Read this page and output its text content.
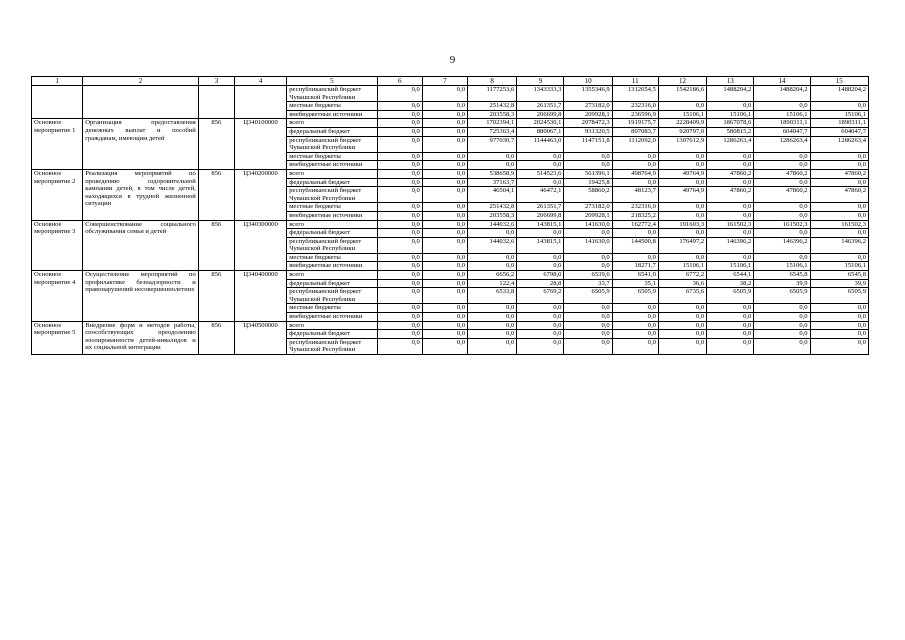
9
1	2	3	4	5	6	7	8	9	10	11	12	13	14	15
				республиканский бюджет Чувашской Республики	0,0	0,0	1177253,6	1343333,3	1355346,9	1312654,5	1542186,6	1488204,2	1488204,2	1488204,2
				местные бюджеты	0,0	0,0	251432,8	261351,7	273182,0	232316,0	0,0	0,0	0,0	0,0
				внебюджетные источники	0,0	0,0	203558,3	206699,8	209928,1	236596,9	15106,1	15106,1	15106,1	15106,1
Основное мероприятие 1	Организация предоставления денежных выплат и пособий гражданам, имеющим детей	856	Ц340100000	всего	0,0	0,0	1702394,1	2024530,1	2078472,3	1919175,7	2228409,9	1867078,6	1890311,1	1890311,1
				федеральный бюджет	0,0	0,0	725363,4	880067,1	931320,5	807083,7	920797,0	580815,2	604047,7	604047,7
				республиканский бюджет Чувашской Республики	0,0	0,0	977030,7	1144463,0	1147151,8	1112092,0	1307612,9	1286263,4	1286263,4	1286263,4
				местные бюджеты	0,0	0,0	0,0	0,0	0,0	0,0	0,0	0,0	0,0	0,0
				внебюджетные источники	0,0	0,0	0,0	0,0	0,0	0,0	0,0	0,0	0,0	0,0
Основное мероприятие 2	Реализация мероприятий по проведению оздоровительной кампании детей, в том числе детей, находящихся в трудной жизненной ситуации	856	Ц340200000	всего	0,0	0,0	538658,9	514523,6	561396,1	498764,9	49764,9	47860,2	47860,2	47860,2
				федеральный бюджет	0,0	0,0	37163,7	0,0	19425,8	0,0	0,0	0,0	0,0	0,0
				республиканский бюджет Чувашской Республики	0,0	0,0	46504,1	46472,1	58860,2	48123,7	49764,9	47860,2	47860,2	47860,2
				местные бюджеты	0,0	0,0	251432,8	261351,7	273182,0	232316,0	0,0	0,0	0,0	0,0
				внебюджетные источники	0,0	0,0	203558,3	206699,8	209928,1	218325,2	0,0	0,0	0,0	0,0
Основное мероприятие 3	Совершенствование социального обслуживания семьи и детей	856	Ц340300000	всего	0,0	0,0	144032,6	143815,1	141630,0	162772,4	191603,3	161502,3	161502,3	161502,3
				федеральный бюджет	0,0	0,0	0,0	0,0	0,0	0,0	0,0	0,0	0,0	0,0
				республиканский бюджет Чувашской Республики	0,0	0,0	144032,6	143815,1	141630,0	144500,8	176497,2	146396,2	146396,2	146396,2
				местные бюджеты	0,0	0,0	0,0	0,0	0,0	0,0	0,0	0,0	0,0	0,0
				внебюджетные источники	0,0	0,0	0,0	0,0	0,0	18271,7	15106,1	15106,1	15106,1	15106,1
Основное мероприятие 4	Осуществление мероприятий по профилактике безнадзорности и правонарушений несовершеннолетних	856	Ц340400000	всего	0,0	0,0	6656,2	6798,0	6539,6	6541,0	6772,2	6544,1	6545,8	6545,8
				федеральный бюджет	0,0	0,0	122,4	28,8	33,7	35,1	36,6	38,2	39,9	39,9
				республиканский бюджет Чувашской Республики	0,0	0,0	6533,8	6769,2	6505,9	6505,9	6735,6	6505,9	6505,9	6505,9
				местные бюджеты	0,0	0,0	0,0	0,0	0,0	0,0	0,0	0,0	0,0	0,0
				внебюджетные источники	0,0	0,0	0,0	0,0	0,0	0,0	0,0	0,0	0,0	0,0
Основное мероприятие 5	Внедрение форм и методов работы, способствующих преодолению изолированности детей-инвалидов и их социальной интеграции	856	Ц340500000	всего	0,0	0,0	0,0	0,0	0,0	0,0	0,0	0,0	0,0	0,0
				федеральный бюджет	0,0	0,0	0,0	0,0	0,0	0,0	0,0	0,0	0,0	0,0
				республиканский бюджет Чувашской Республики	0,0	0,0	0,0	0,0	0,0	0,0	0,0	0,0	0,0	0,0
